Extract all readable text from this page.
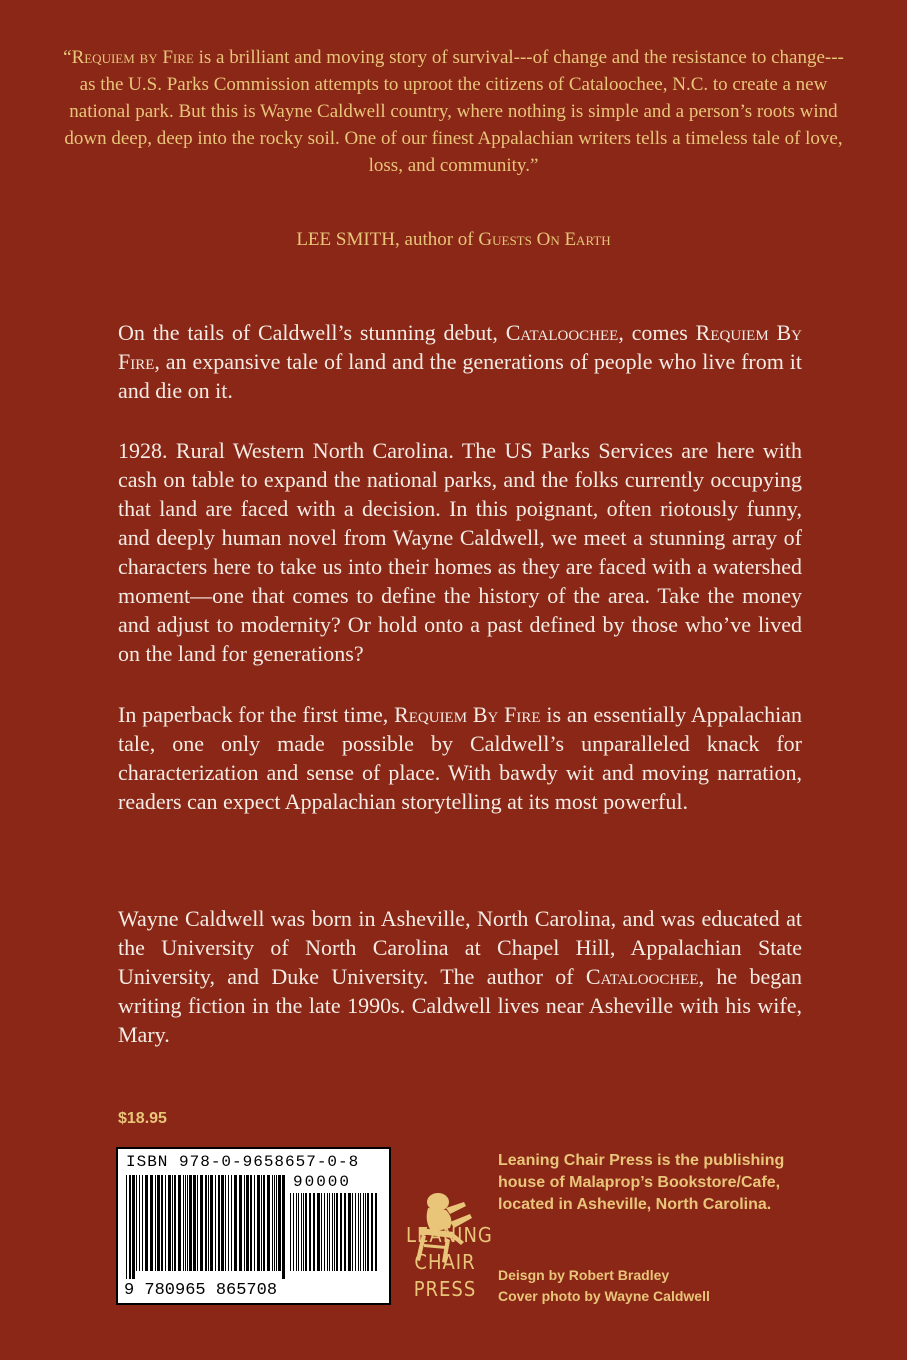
“Requiem by Fire is a brilliant and moving story of survival---of change and the resistance to change---as the U.S. Parks Commission attempts to uproot the citizens of Cataloochee, N.C. to create a new national park. But this is Wayne Caldwell country, where nothing is simple and a person’s roots wind down deep, deep into the rocky soil. One of our finest Appalachian writers tells a timeless tale of love, loss, and community.”

LEE SMITH, author of Guests On Earth

On the tails of Caldwell’s stunning debut, Cataloochee, comes Requiem By Fire, an expansive tale of land and the generations of people who live from it and die on it.

1928. Rural Western North Carolina. The US Parks Services are here with cash on table to expand the national parks, and the folks currently occupying that land are faced with a decision. In this poignant, often riotously funny, and deeply human novel from Wayne Caldwell, we meet a stunning array of characters here to take us into their homes as they are faced with a watershed moment—one that comes to define the history of the area. Take the money and adjust to modernity? Or hold onto a past defined by those who’ve lived on the land for generations?

In paperback for the first time, Requiem By Fire is an essentially Appalachian tale, one only made possible by Caldwell’s unparalleled knack for characterization and sense of place. With bawdy wit and moving narration, readers can expect Appalachian storytelling at its most powerful.

Wayne Caldwell was born in Asheville, North Carolina, and was educated at the University of North Carolina at Chapel Hill, Appalachian State University, and Duke University. The author of Cataloochee, he began writing fiction in the late 1990s. Caldwell lives near Asheville with his wife, Mary.

$18.95
ISBN 978-0-9658657-0-8
90000
9 780965 865708
LEANING
CHAIR
PRESS
Leaning Chair Press is the publishing house of Malaprop’s Bookstore/Cafe, located in Asheville, North Carolina.
Deisgn by Robert Bradley
Cover photo by Wayne Caldwell
